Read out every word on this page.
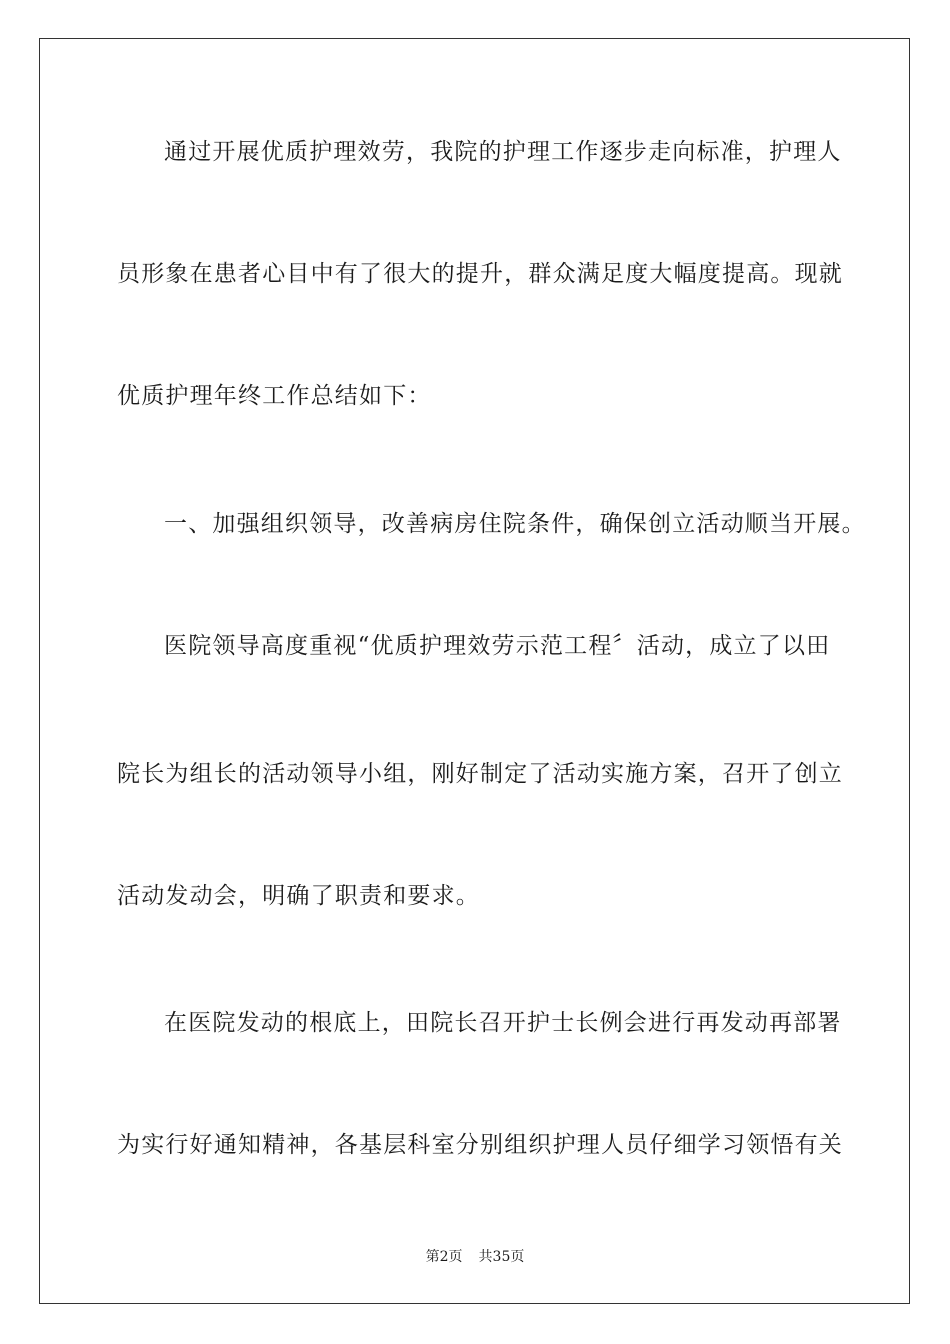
通过开展优质护理效劳，我院的护理工作逐步走向标准，护理人
员形象在患者心目中有了很大的提升，群众满足度大幅度提高。现就
优质护理年终工作总结如下：
一、加强组织领导，改善病房住院条件，确保创立活动顺当开展。
医院领导高度重视“优质护理效劳示范工程〞活动，成立了以田
院长为组长的活动领导小组，刚好制定了活动实施方案，召开了创立
活动发动会，明确了职责和要求。
在医院发动的根底上，田院长召开护士长例会进行再发动再部署
为实行好通知精神，各基层科室分别组织护理人员仔细学习领悟有关
第2页 共35页
